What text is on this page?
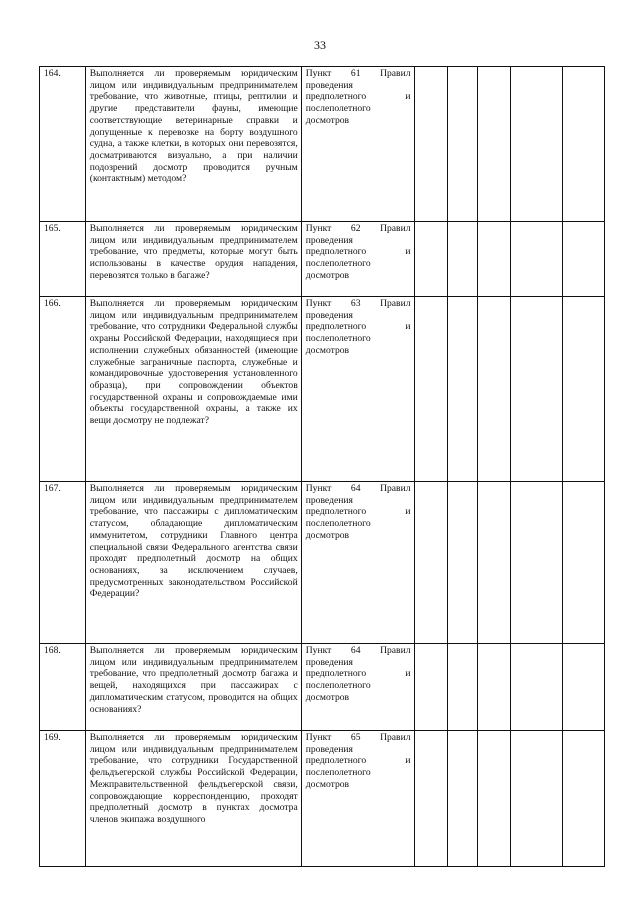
33
164.	Выполняется ли проверяемым юридическим лицом или индивидуальным предпринимателем требование, что животные, птицы, рептилии и другие представители фауны, имеющие соответствующие ветеринарные справки и допущенные к перевозке на борту воздушного судна, а также клетки, в которых они перевозятся, досматриваются визуально, а при наличии подозрений досмотр проводится ручным (контактным) методом?	Пункт 61 Правил проведения предполетного и послеполетного досмотров					
165.	Выполняется ли проверяемым юридическим лицом или индивидуальным предпринимателем требование, что предметы, которые могут быть использованы в качестве орудия нападения, перевозятся только в багаже?	Пункт 62 Правил проведения предполетного и послеполетного досмотров					
166.	Выполняется ли проверяемым юридическим лицом или индивидуальным предпринимателем требование, что сотрудники Федеральной службы охраны Российской Федерации, находящиеся при исполнении служебных обязанностей (имеющие служебные заграничные паспорта, служебные и командировочные удостоверения установленного образца), при сопровождении объектов государственной охраны и сопровождаемые ими объекты государственной охраны, а также их вещи досмотру не подлежат?	Пункт 63 Правил проведения предполетного и послеполетного досмотров					
167.	Выполняется ли проверяемым юридическим лицом или индивидуальным предпринимателем требование, что пассажиры с дипломатическим статусом, обладающие дипломатическим иммунитетом, сотрудники Главного центра специальной связи Федерального агентства связи проходят предполетный досмотр на общих основаниях, за исключением случаев, предусмотренных законодательством Российской Федерации?	Пункт 64 Правил проведения предполетного и послеполетного досмотров					
168.	Выполняется ли проверяемым юридическим лицом или индивидуальным предпринимателем требование, что предполетный досмотр багажа и вещей, находящихся при пассажирах с дипломатическим статусом, проводится на общих основаниях?	Пункт 64 Правил проведения предполетного и послеполетного досмотров					
169.	Выполняется ли проверяемым юридическим лицом или индивидуальным предпринимателем требование, что сотрудники Государственной фельдъегерской службы Российской Федерации, Межправительственной фельдъегерской связи, сопровождающие корреспонденцию, проходят предполетный досмотр в пунктах досмотра членов экипажа воздушного	Пункт 65 Правил проведения предполетного и послеполетного досмотров					
